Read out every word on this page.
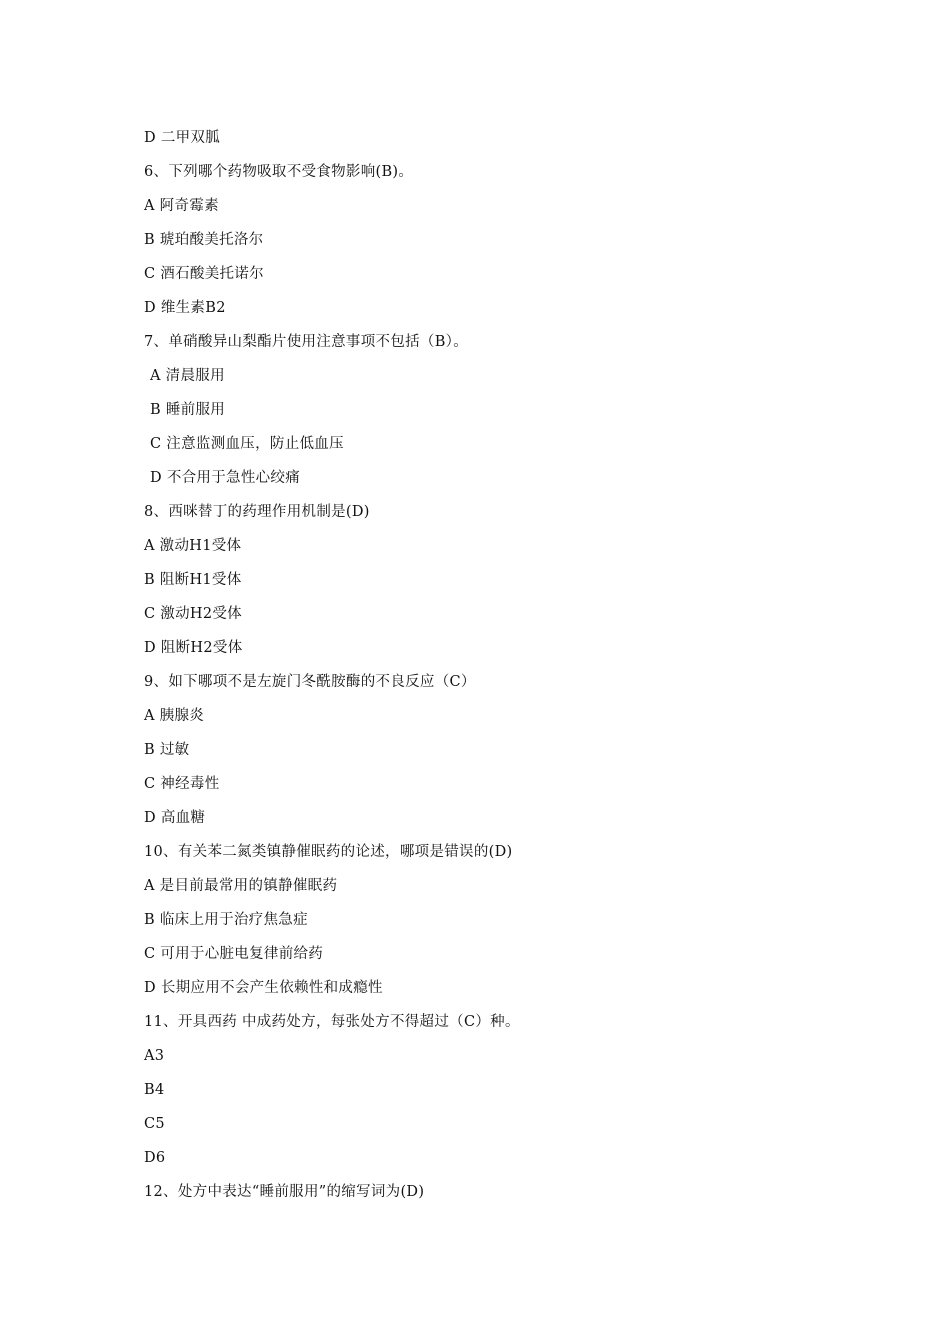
D 二甲双胍
6、下列哪个药物吸取不受食物影响(B)。
A 阿奇霉素
B 琥珀酸美托洛尔
C 酒石酸美托诺尔
D 维生素B2
7、单硝酸异山梨酯片使用注意事项不包括（B）。
A 清晨服用
B 睡前服用
C 注意监测血压，防止低血压
D 不合用于急性心绞痛
8、西咪替丁的药理作用机制是(D)
A 激动H1受体
B 阻断H1受体
C 激动H2受体
D 阻断H2受体
9、如下哪项不是左旋门冬酰胺酶的不良反应（C）
A 胰腺炎
B 过敏
C 神经毒性
D 高血糖
10、有关苯二氮类镇静催眠药的论述，哪项是错误的(D)
A 是目前最常用的镇静催眠药
B 临床上用于治疗焦急症
C 可用于心脏电复律前给药
D 长期应用不会产生依赖性和成瘾性
11、开具西药 中成药处方，每张处方不得超过（C）种。
A3
B4
C5
D6
12、处方中表达“睡前服用”的缩写词为(D)
